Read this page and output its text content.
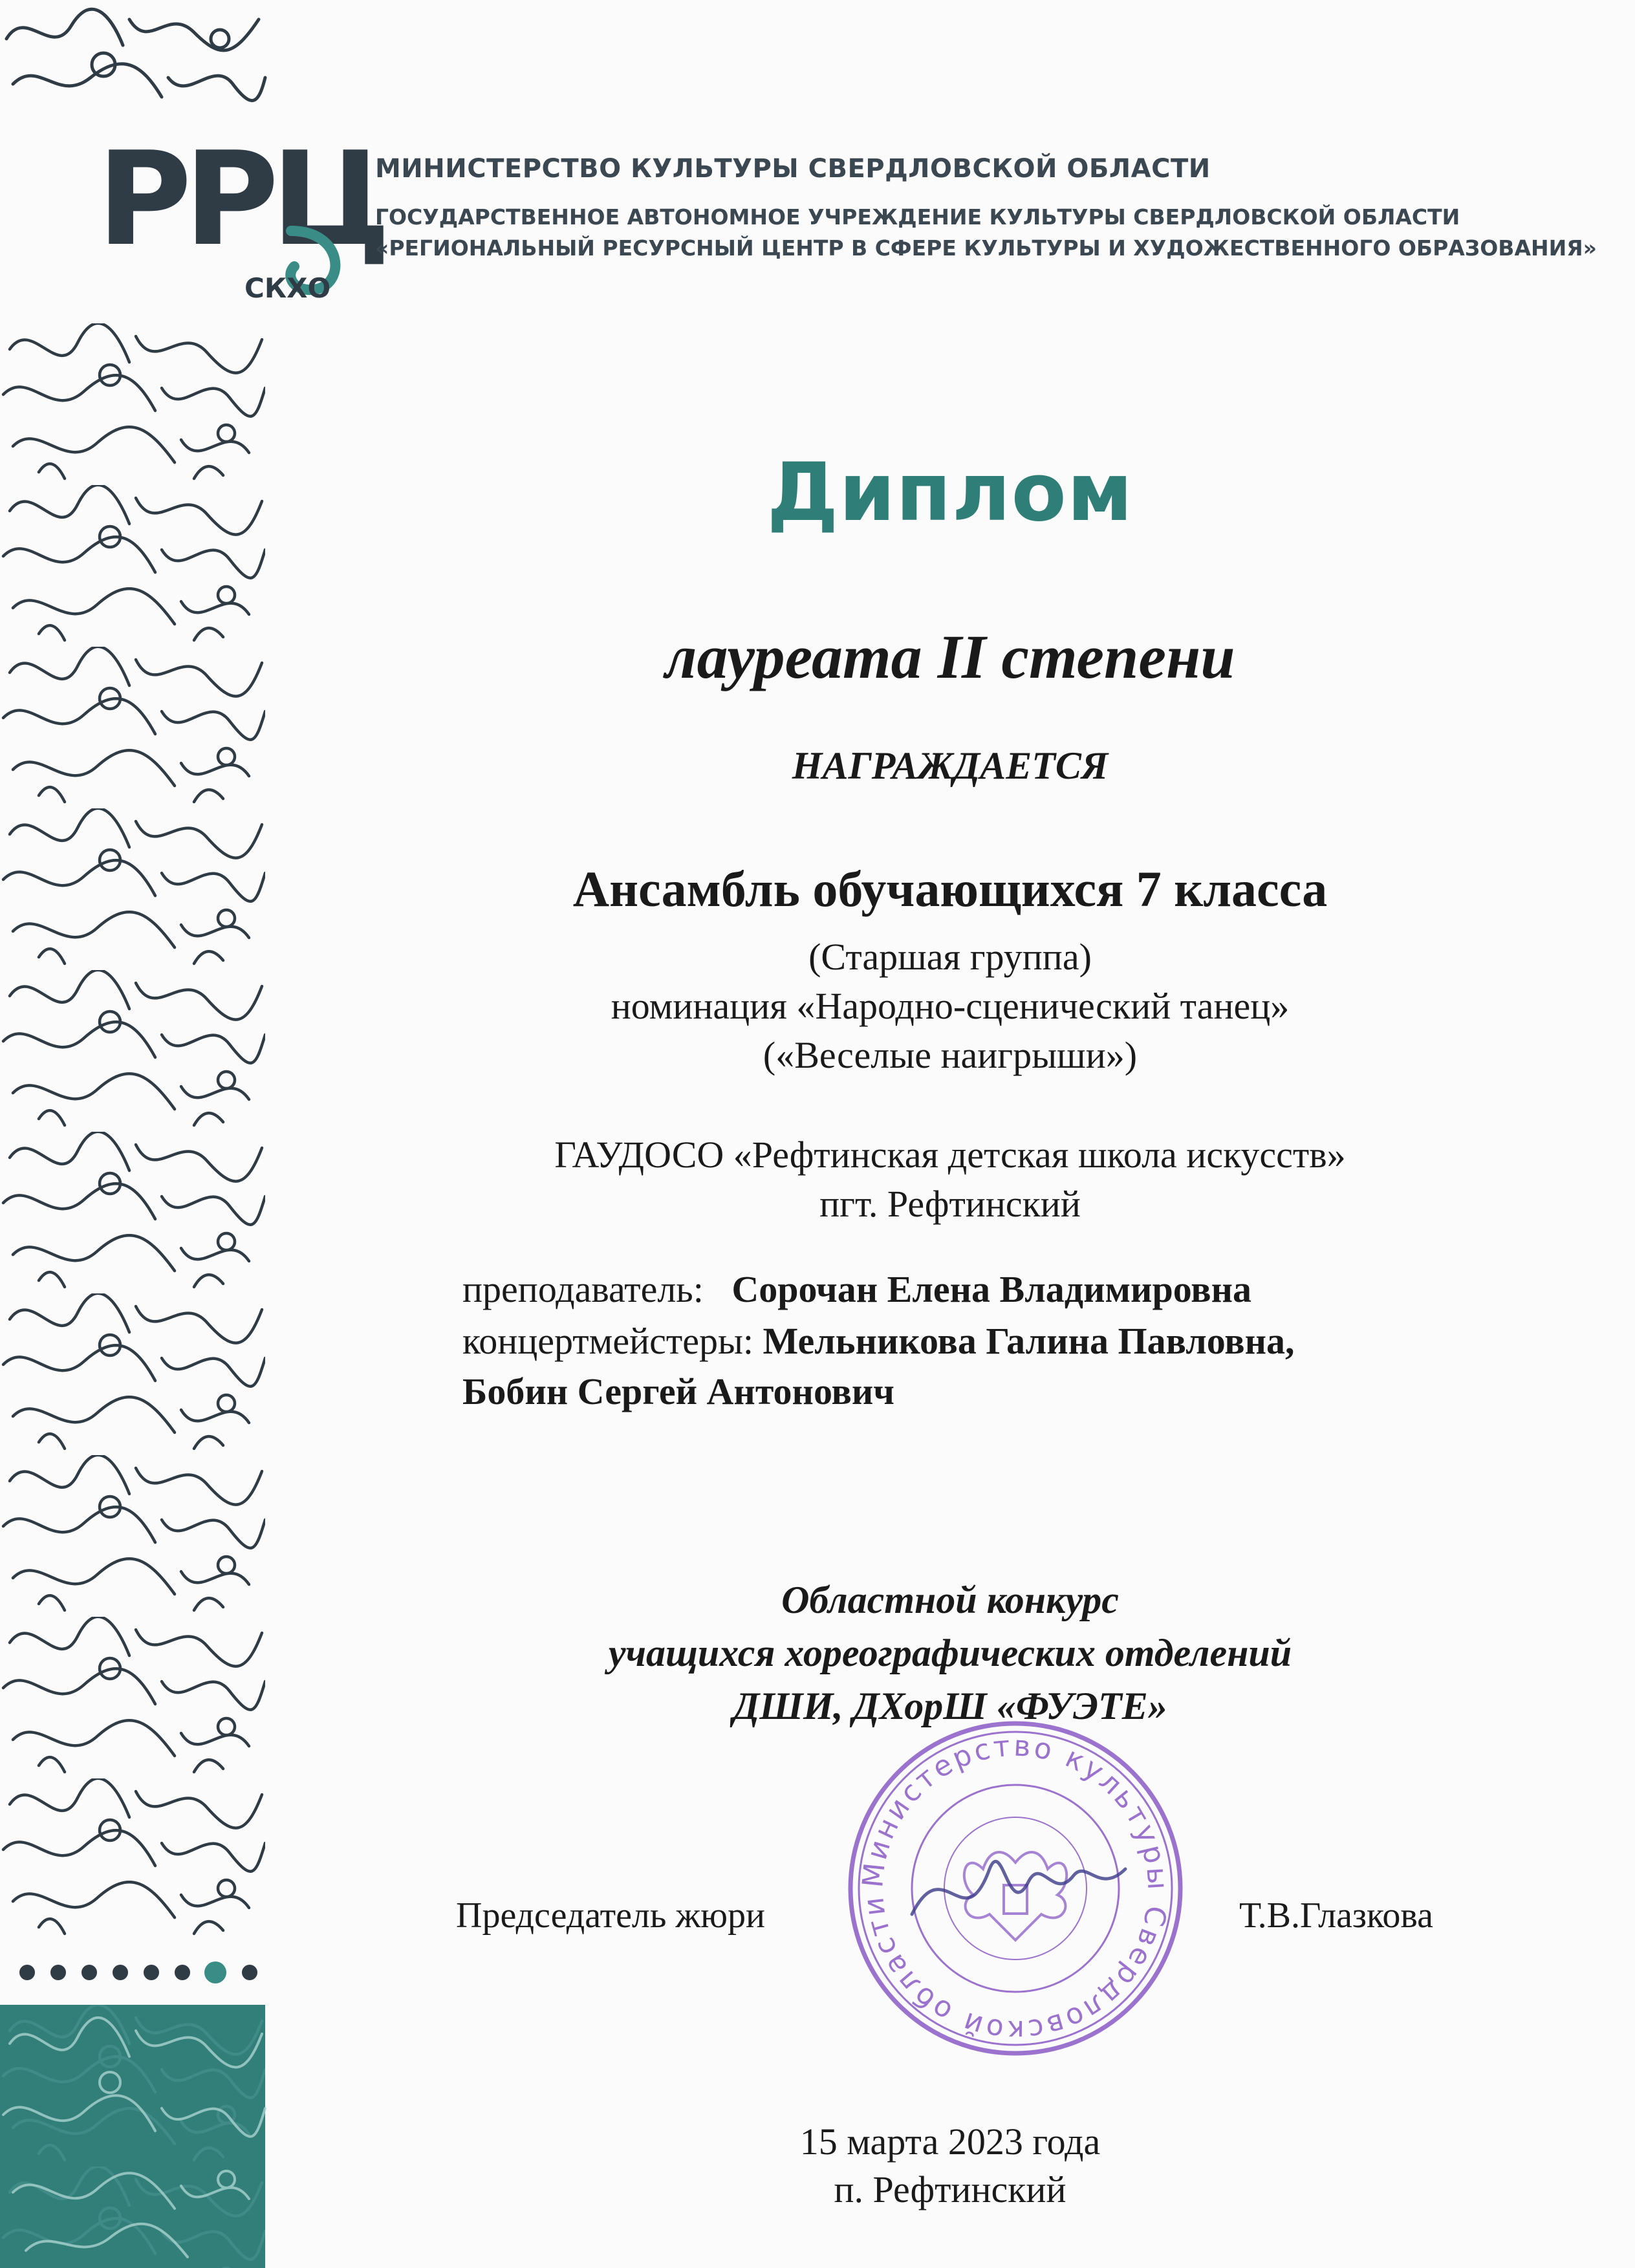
РРЦ
СКХО
МИНИСТЕРСТВО КУЛЬТУРЫ СВЕРДЛОВСКОЙ ОБЛАСТИ
ГОСУДАРСТВЕННОЕ АВТОНОМНОЕ УЧРЕЖДЕНИЕ КУЛЬТУРЫ СВЕРДЛОВСКОЙ ОБЛАСТИ
«РЕГИОНАЛЬНЫЙ РЕСУРСНЫЙ ЦЕНТР В СФЕРЕ КУЛЬТУРЫ И ХУДОЖЕСТВЕННОГО ОБРАЗОВАНИЯ»
Диплом
лауреата II степени
НАГРАЖДАЕТСЯ
Ансамбль обучающихся 7 класса
(Старшая группа)
номинация «Народно-сценический танец»
(«Веселые наигрыши»)
ГАУДОСО «Рефтинская детская школа искусств»
пгт. Рефтинский
преподаватель: Сорочан Елена Владимировна
концертмейстеры: Мельникова Галина Павловна,
Бобин Сергей Антонович
Областной конкурс
учащихся хореографических отделений
ДШИ, ДХорШ «ФУЭТЕ»
Министерство культуры Свердловской области
Председатель жюри	Т.В.Глазкова
15 марта 2023 года
п. Рефтинский
